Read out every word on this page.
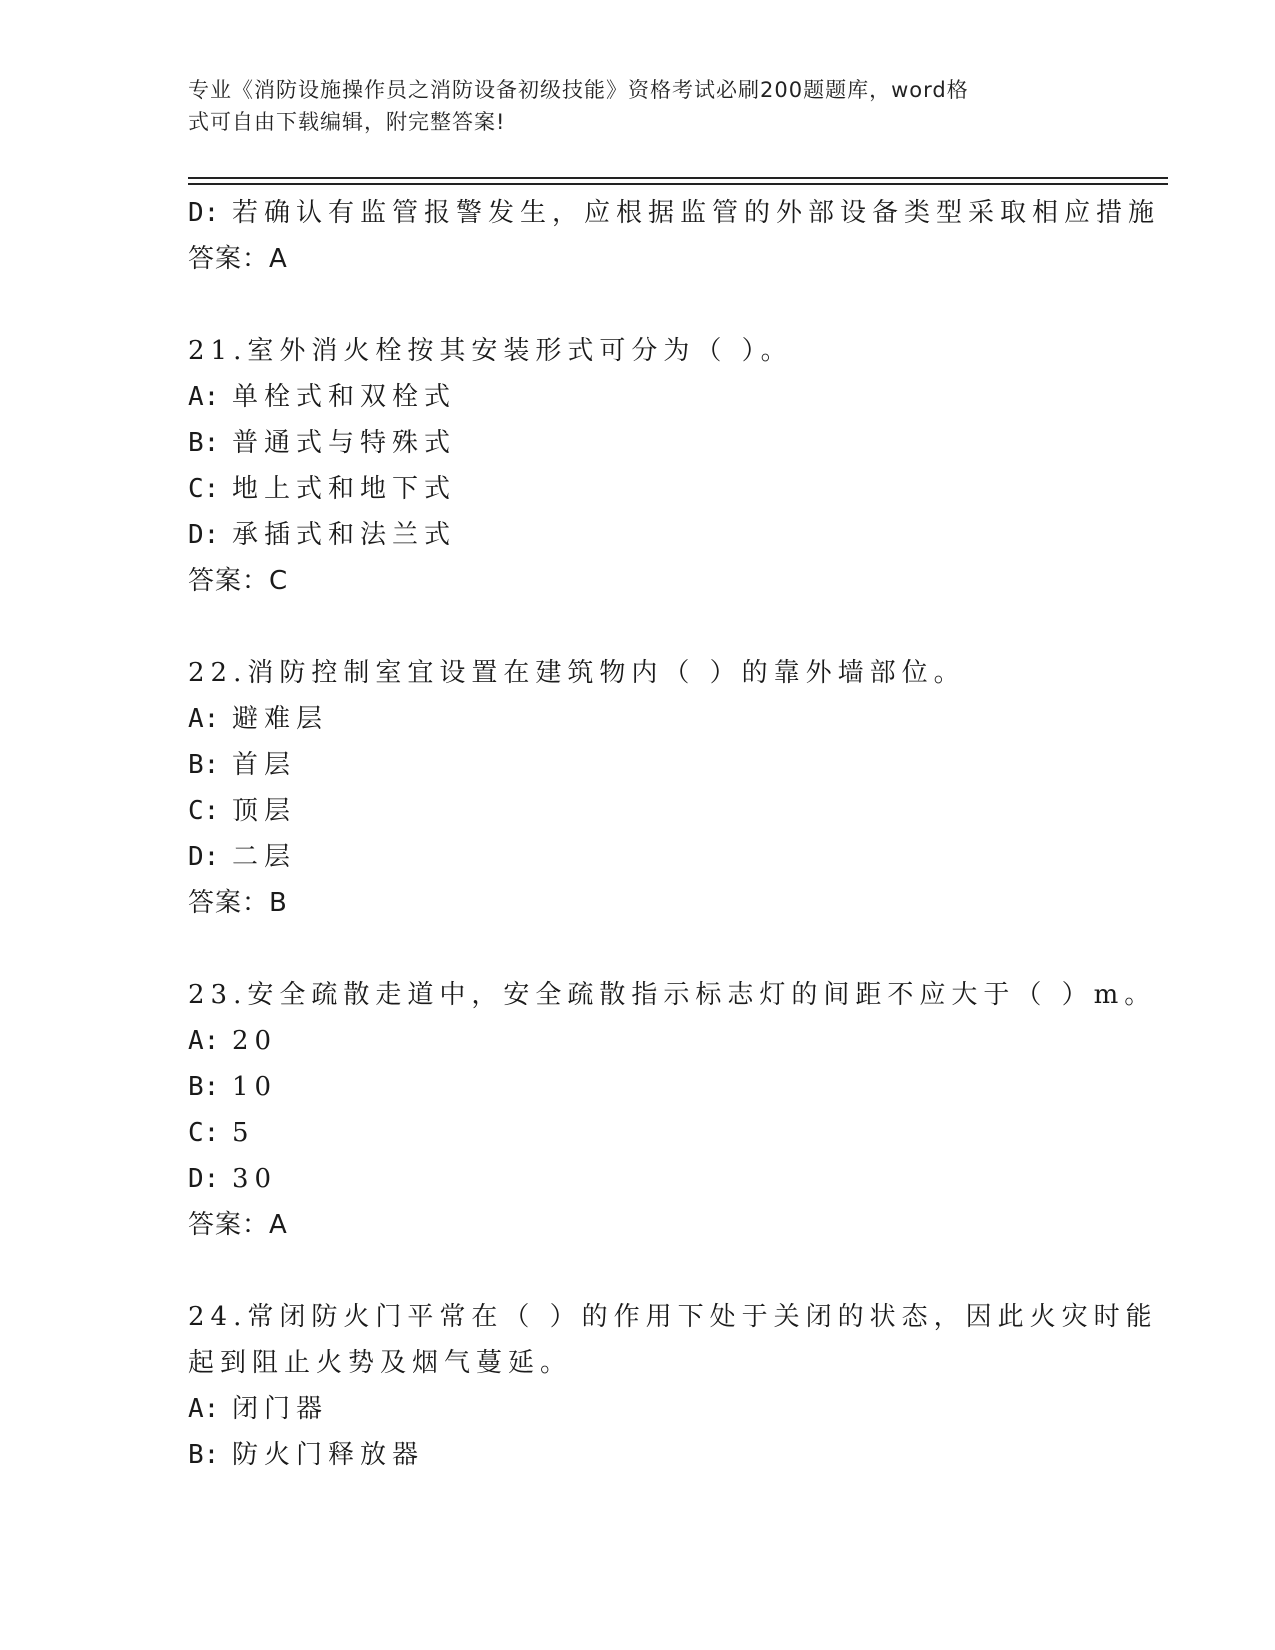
专业《消防设施操作员之消防设备初级技能》资格考试必刷200题题库，word格
式可自由下载编辑，附完整答案!
D: 若确认有监管报警发生，应根据监管的外部设备类型采取相应措施
答案：A
21.室外消火栓按其安装形式可分为（ ）。
A: 单栓式和双栓式
B: 普通式与特殊式
C: 地上式和地下式
D: 承插式和法兰式
答案：C
22.消防控制室宜设置在建筑物内（ ）的靠外墙部位。
A: 避难层
B: 首层
C: 顶层
D: 二层
答案：B
23.安全疏散走道中，安全疏散指示标志灯的间距不应大于（ ）m。
A: 20
B: 10
C: 5
D: 30
答案：A
24.常闭防火门平常在（ ）的作用下处于关闭的状态，因此火灾时能
起到阻止火势及烟气蔓延。
A: 闭门器
B: 防火门释放器
